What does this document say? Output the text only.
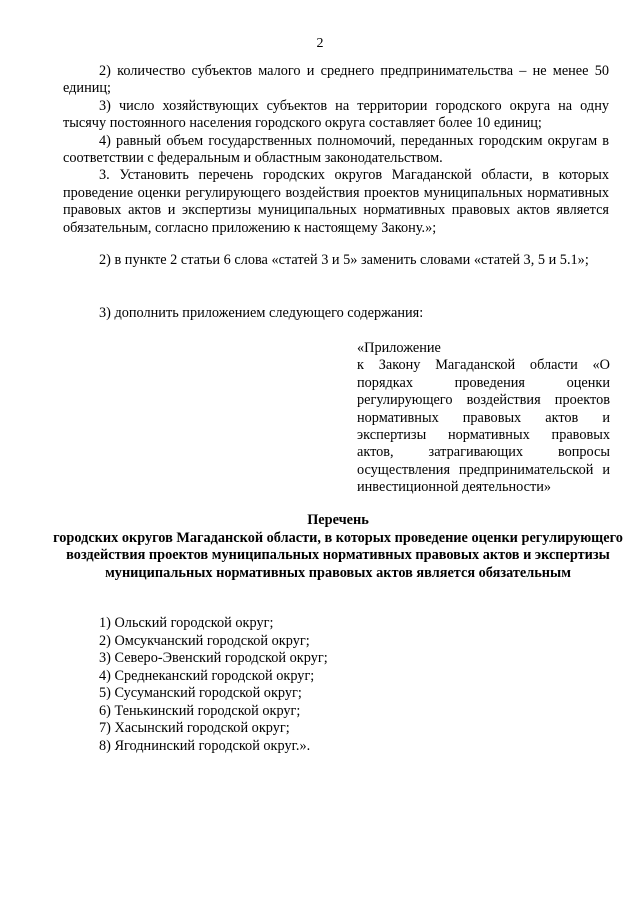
2

2) количество субъектов малого и среднего предпринимательства – не менее 50 единиц;

3) число хозяйствующих субъектов на территории городского округа на одну тысячу постоянного населения городского округа составляет более 10 единиц;

4) равный объем государственных полномочий, переданных городским округам в соответствии с федеральным и областным законодательством.

3. Установить перечень городских округов Магаданской области, в которых проведение оценки регулирующего воздействия проектов муниципальных нормативных правовых актов и экспертизы муниципальных нормативных правовых актов является обязательным, согласно приложению к настоящему Закону.»;

2) в пункте 2 статьи 6 слова «статей 3 и 5» заменить словами «статей 3, 5 и 5.1»;

3) дополнить приложением следующего содержания:

«Приложение

к Закону Магаданской области «О порядках проведения оценки регулирующего воздействия проектов нормативных правовых актов и экспертизы нормативных правовых актов, затрагивающих вопросы осуществления предпринимательской и инвестиционной деятельности»

Перечень

городских округов Магаданской области, в которых проведение оценки регулирующего воздействия проектов муниципальных нормативных правовых актов и экспертизы муниципальных нормативных правовых актов является обязательным

1) Ольский городской округ;
2) Омсукчанский городской округ;
3) Северо-Эвенский городской округ;
4) Среднеканский городской округ;
5) Сусуманский городской округ;
6) Тенькинский городской округ;
7) Хасынский городской округ;
8) Ягоднинский городской округ.».
